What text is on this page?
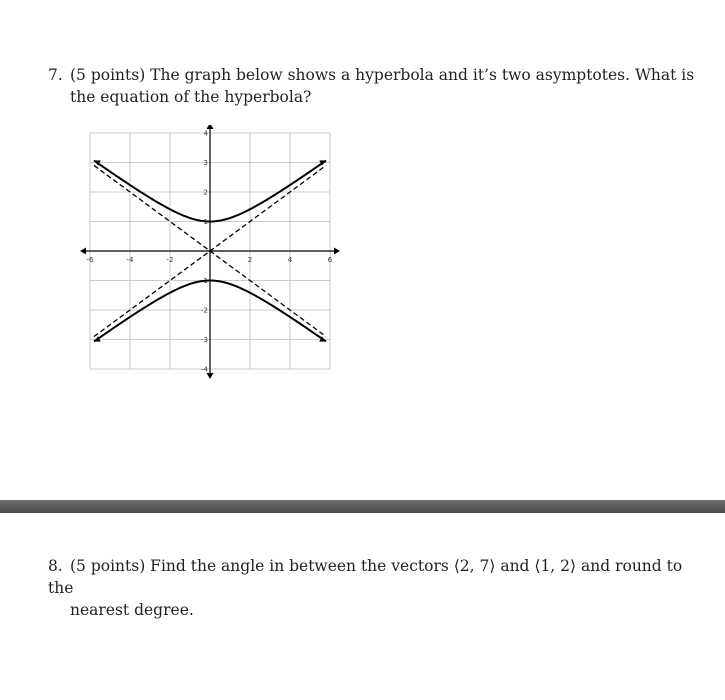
7. (5 points) The graph below shows a hyperbola and it’s two asymptotes. What is
the equation of the hyperbola?
-6	-4	-2	2	4	6
4
3
2
1
-1
-2
-3
-4
8. (5 points) Find the angle in between the vectors ⟨2, 7⟩ and ⟨1, 2⟩ and round to the
nearest degree.
